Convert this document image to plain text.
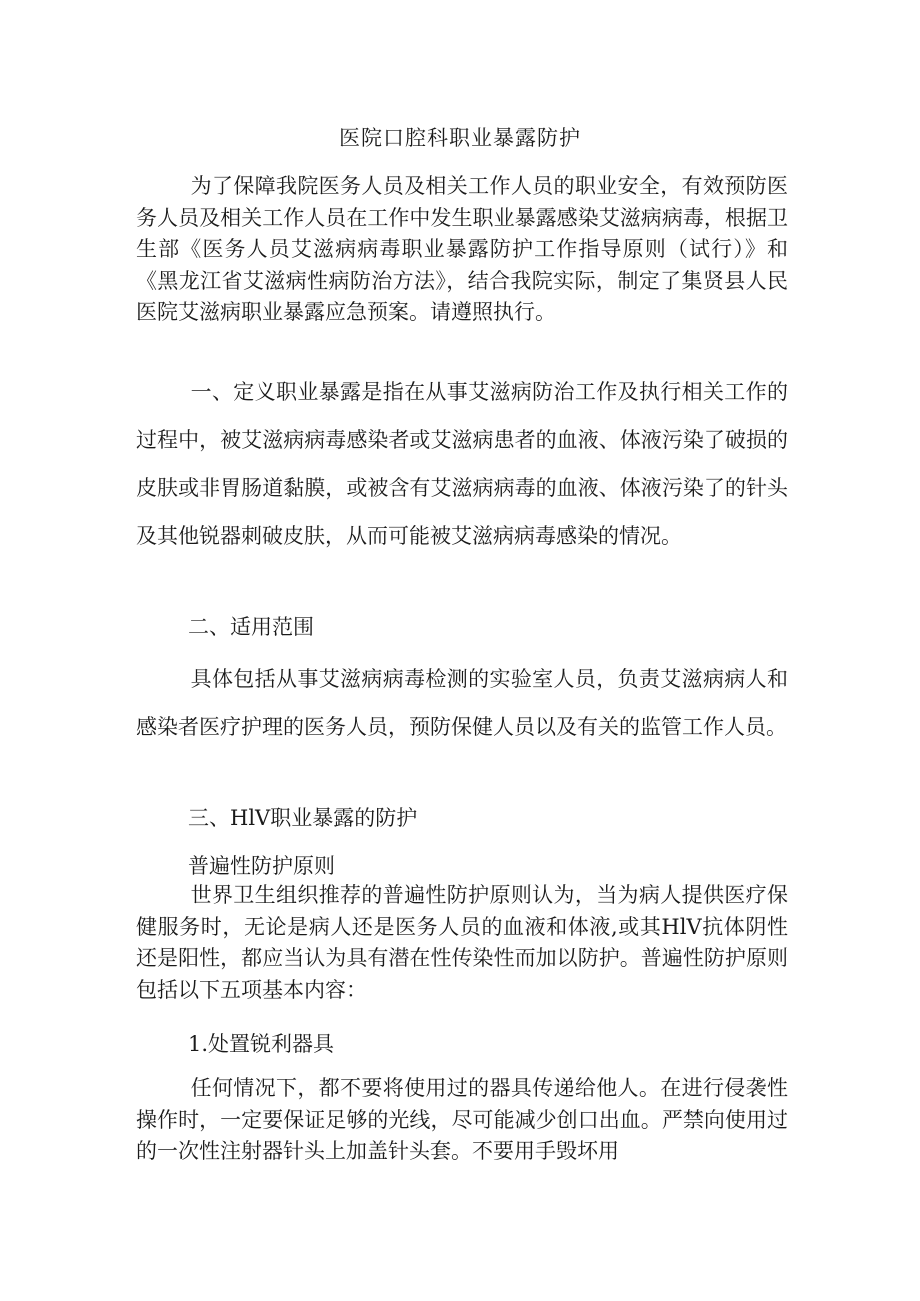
医院口腔科职业暴露防护

为了保障我院医务人员及相关工作人员的职业安全，有效预防医务人员及相关工作人员在工作中发生职业暴露感染艾滋病病毒，根据卫生部《医务人员艾滋病病毒职业暴露防护工作指导原则（试行）》和《黑龙江省艾滋病性病防治方法》，结合我院实际，制定了集贤县人民医院艾滋病职业暴露应急预案。请遵照执行。

一、定义职业暴露是指在从事艾滋病防治工作及执行相关工作的过程中，被艾滋病病毒感染者或艾滋病患者的血液、体液污染了破损的皮肤或非胃肠道黏膜，或被含有艾滋病病毒的血液、体液污染了的针头及其他锐器刺破皮肤，从而可能被艾滋病病毒感染的情况。

二、适用范围

具体包括从事艾滋病病毒检测的实验室人员，负责艾滋病病人和感染者医疗护理的医务人员，预防保健人员以及有关的监管工作人员。

三、HlV职业暴露的防护

普遍性防护原则

世界卫生组织推荐的普遍性防护原则认为，当为病人提供医疗保健服务时，无论是病人还是医务人员的血液和体液,或其HlV抗体阴性还是阳性，都应当认为具有潜在性传染性而加以防护。普遍性防护原则包括以下五项基本内容：

1.处置锐利器具

任何情况下，都不要将使用过的器具传递给他人。在进行侵袭性操作时，一定要保证足够的光线，尽可能减少创口出血。严禁向使用过的一次性注射器针头上加盖针头套。不要用手毁坏用
